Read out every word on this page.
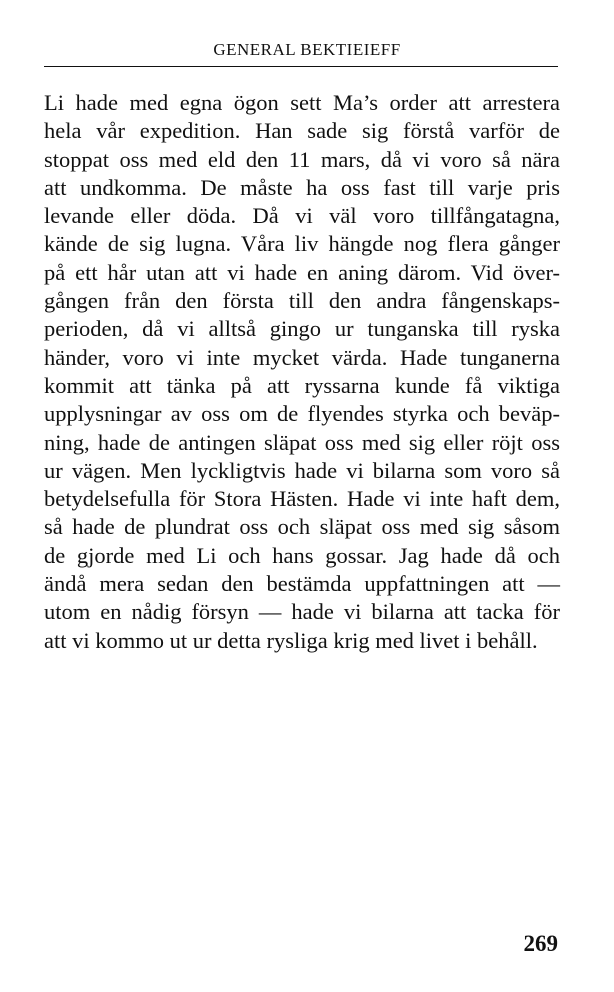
GENERAL BEKTIEIEFF
Li hade med egna ögon sett Ma’s order att arrestera
hela vår expedition. Han sade sig förstå varför de
stoppat oss med eld den 11 mars, då vi voro så nära
att undkomma. De måste ha oss fast till varje pris
levande eller döda. Då vi väl voro tillfångatagna,
kände de sig lugna. Våra liv hängde nog flera gånger
på ett hår utan att vi hade en aning därom. Vid över-
gången från den första till den andra fångenskaps-
perioden, då vi alltså gingo ur tunganska till ryska
händer, voro vi inte mycket värda. Hade tunganerna
kommit att tänka på att ryssarna kunde få viktiga
upplysningar av oss om de flyendes styrka och beväp-
ning, hade de antingen släpat oss med sig eller röjt oss
ur vägen. Men lyckligtvis hade vi bilarna som voro så
betydelsefulla för Stora Hästen. Hade vi inte haft dem,
så hade de plundrat oss och släpat oss med sig såsom
de gjorde med Li och hans gossar. Jag hade då och
ändå mera sedan den bestämda uppfattningen att —
utom en nådig försyn — hade vi bilarna att tacka för
att vi kommo ut ur detta rysliga krig med livet i behåll.
269
